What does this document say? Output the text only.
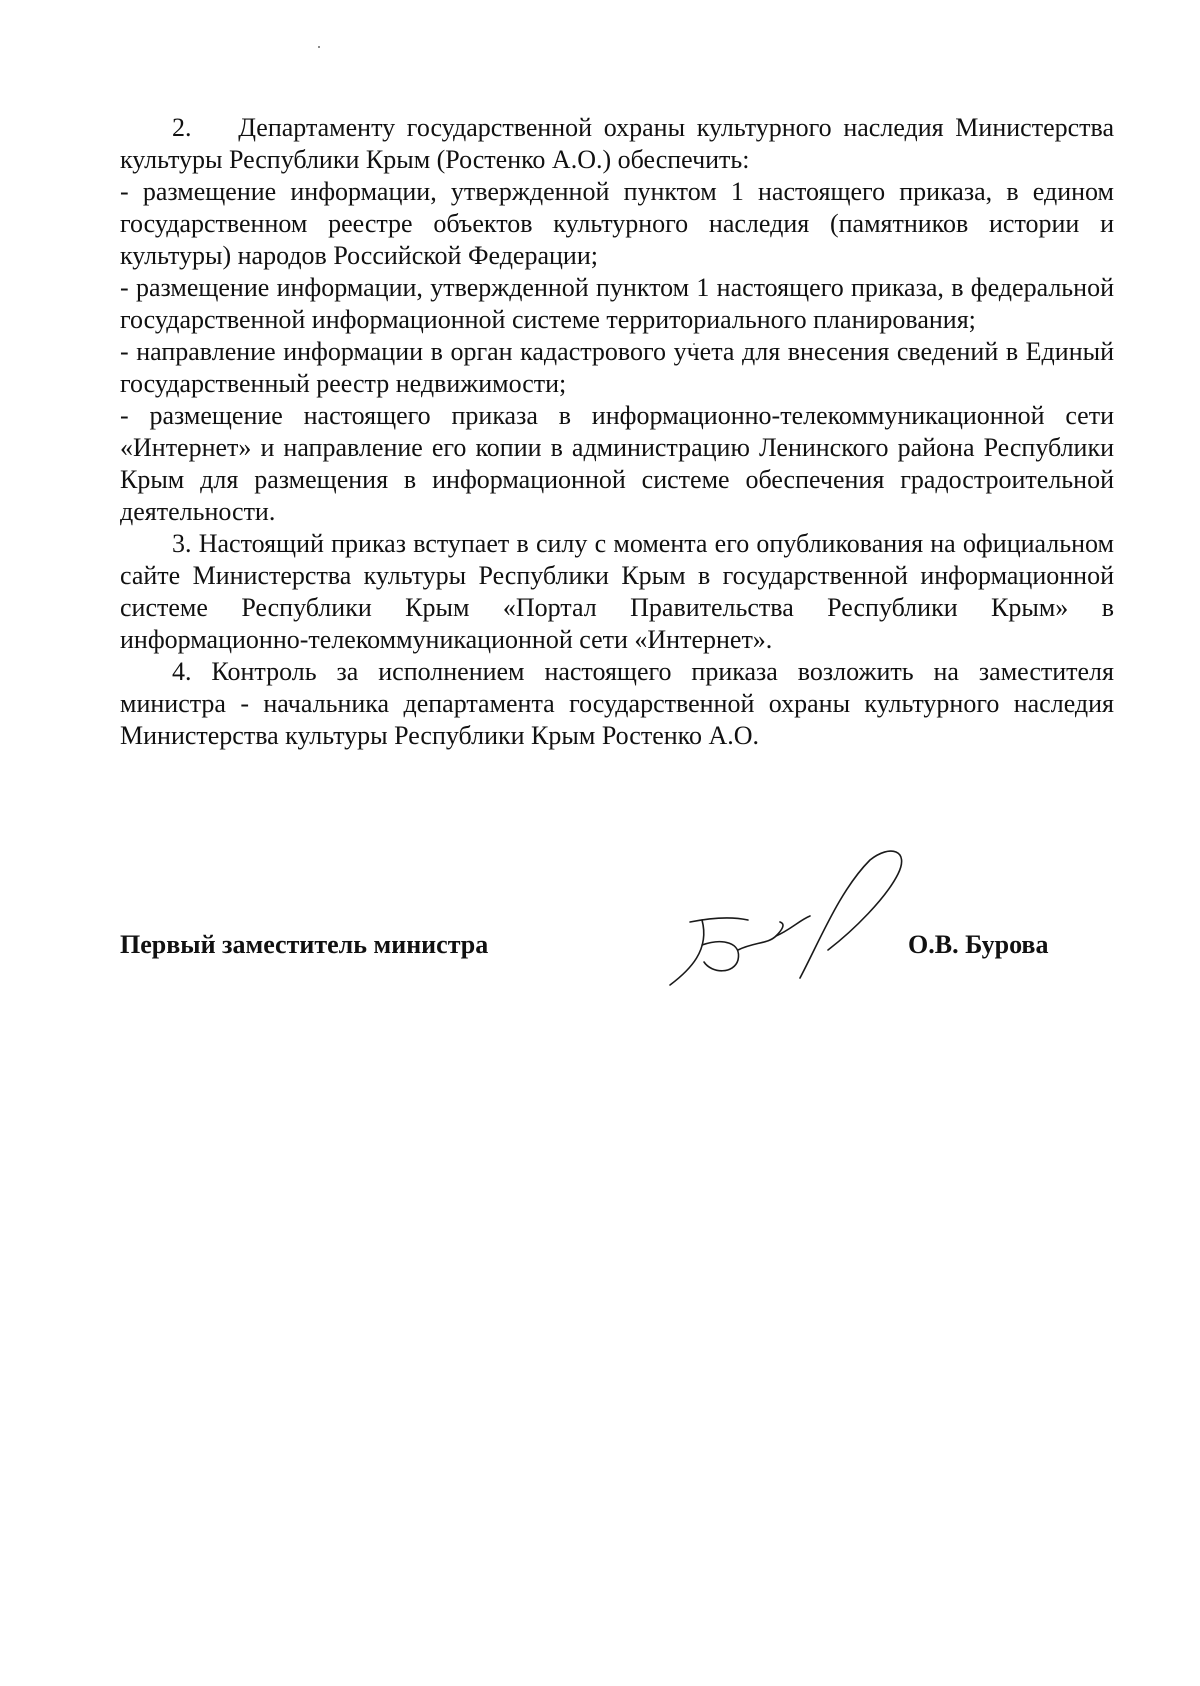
2.    Департаменту государственной охраны культурного наследия Министерства культуры Республики Крым (Ростенко А.О.) обеспечить:

- размещение информации, утвержденной пунктом 1 настоящего приказа, в едином государственном реестре объектов культурного наследия (памятников истории и культуры) народов Российской Федерации;

- размещение информации, утвержденной пунктом 1 настоящего приказа, в федеральной государственной информационной системе территориального планирования;

- направление информации в орган кадастрового учета для внесения сведений в Единый государственный реестр недвижимости;

- размещение настоящего приказа в информационно-телекоммуникационной сети «Интернет» и направление его копии в администрацию Ленинского района Республики Крым для размещения в информационной системе обеспечения градостроительной деятельности.

3. Настоящий приказ вступает в силу с момента его опубликования на официальном сайте Министерства культуры Республики Крым в государственной информационной системе Республики Крым «Портал Правительства Республики Крым» в информационно-телекоммуникационной сети «Интернет».

4. Контроль за исполнением настоящего приказа возложить на заместителя министра - начальника департамента государственной охраны культурного наследия Министерства культуры Республики Крым Ростенко А.О.

Первый заместитель министра	О.В. Бурова
